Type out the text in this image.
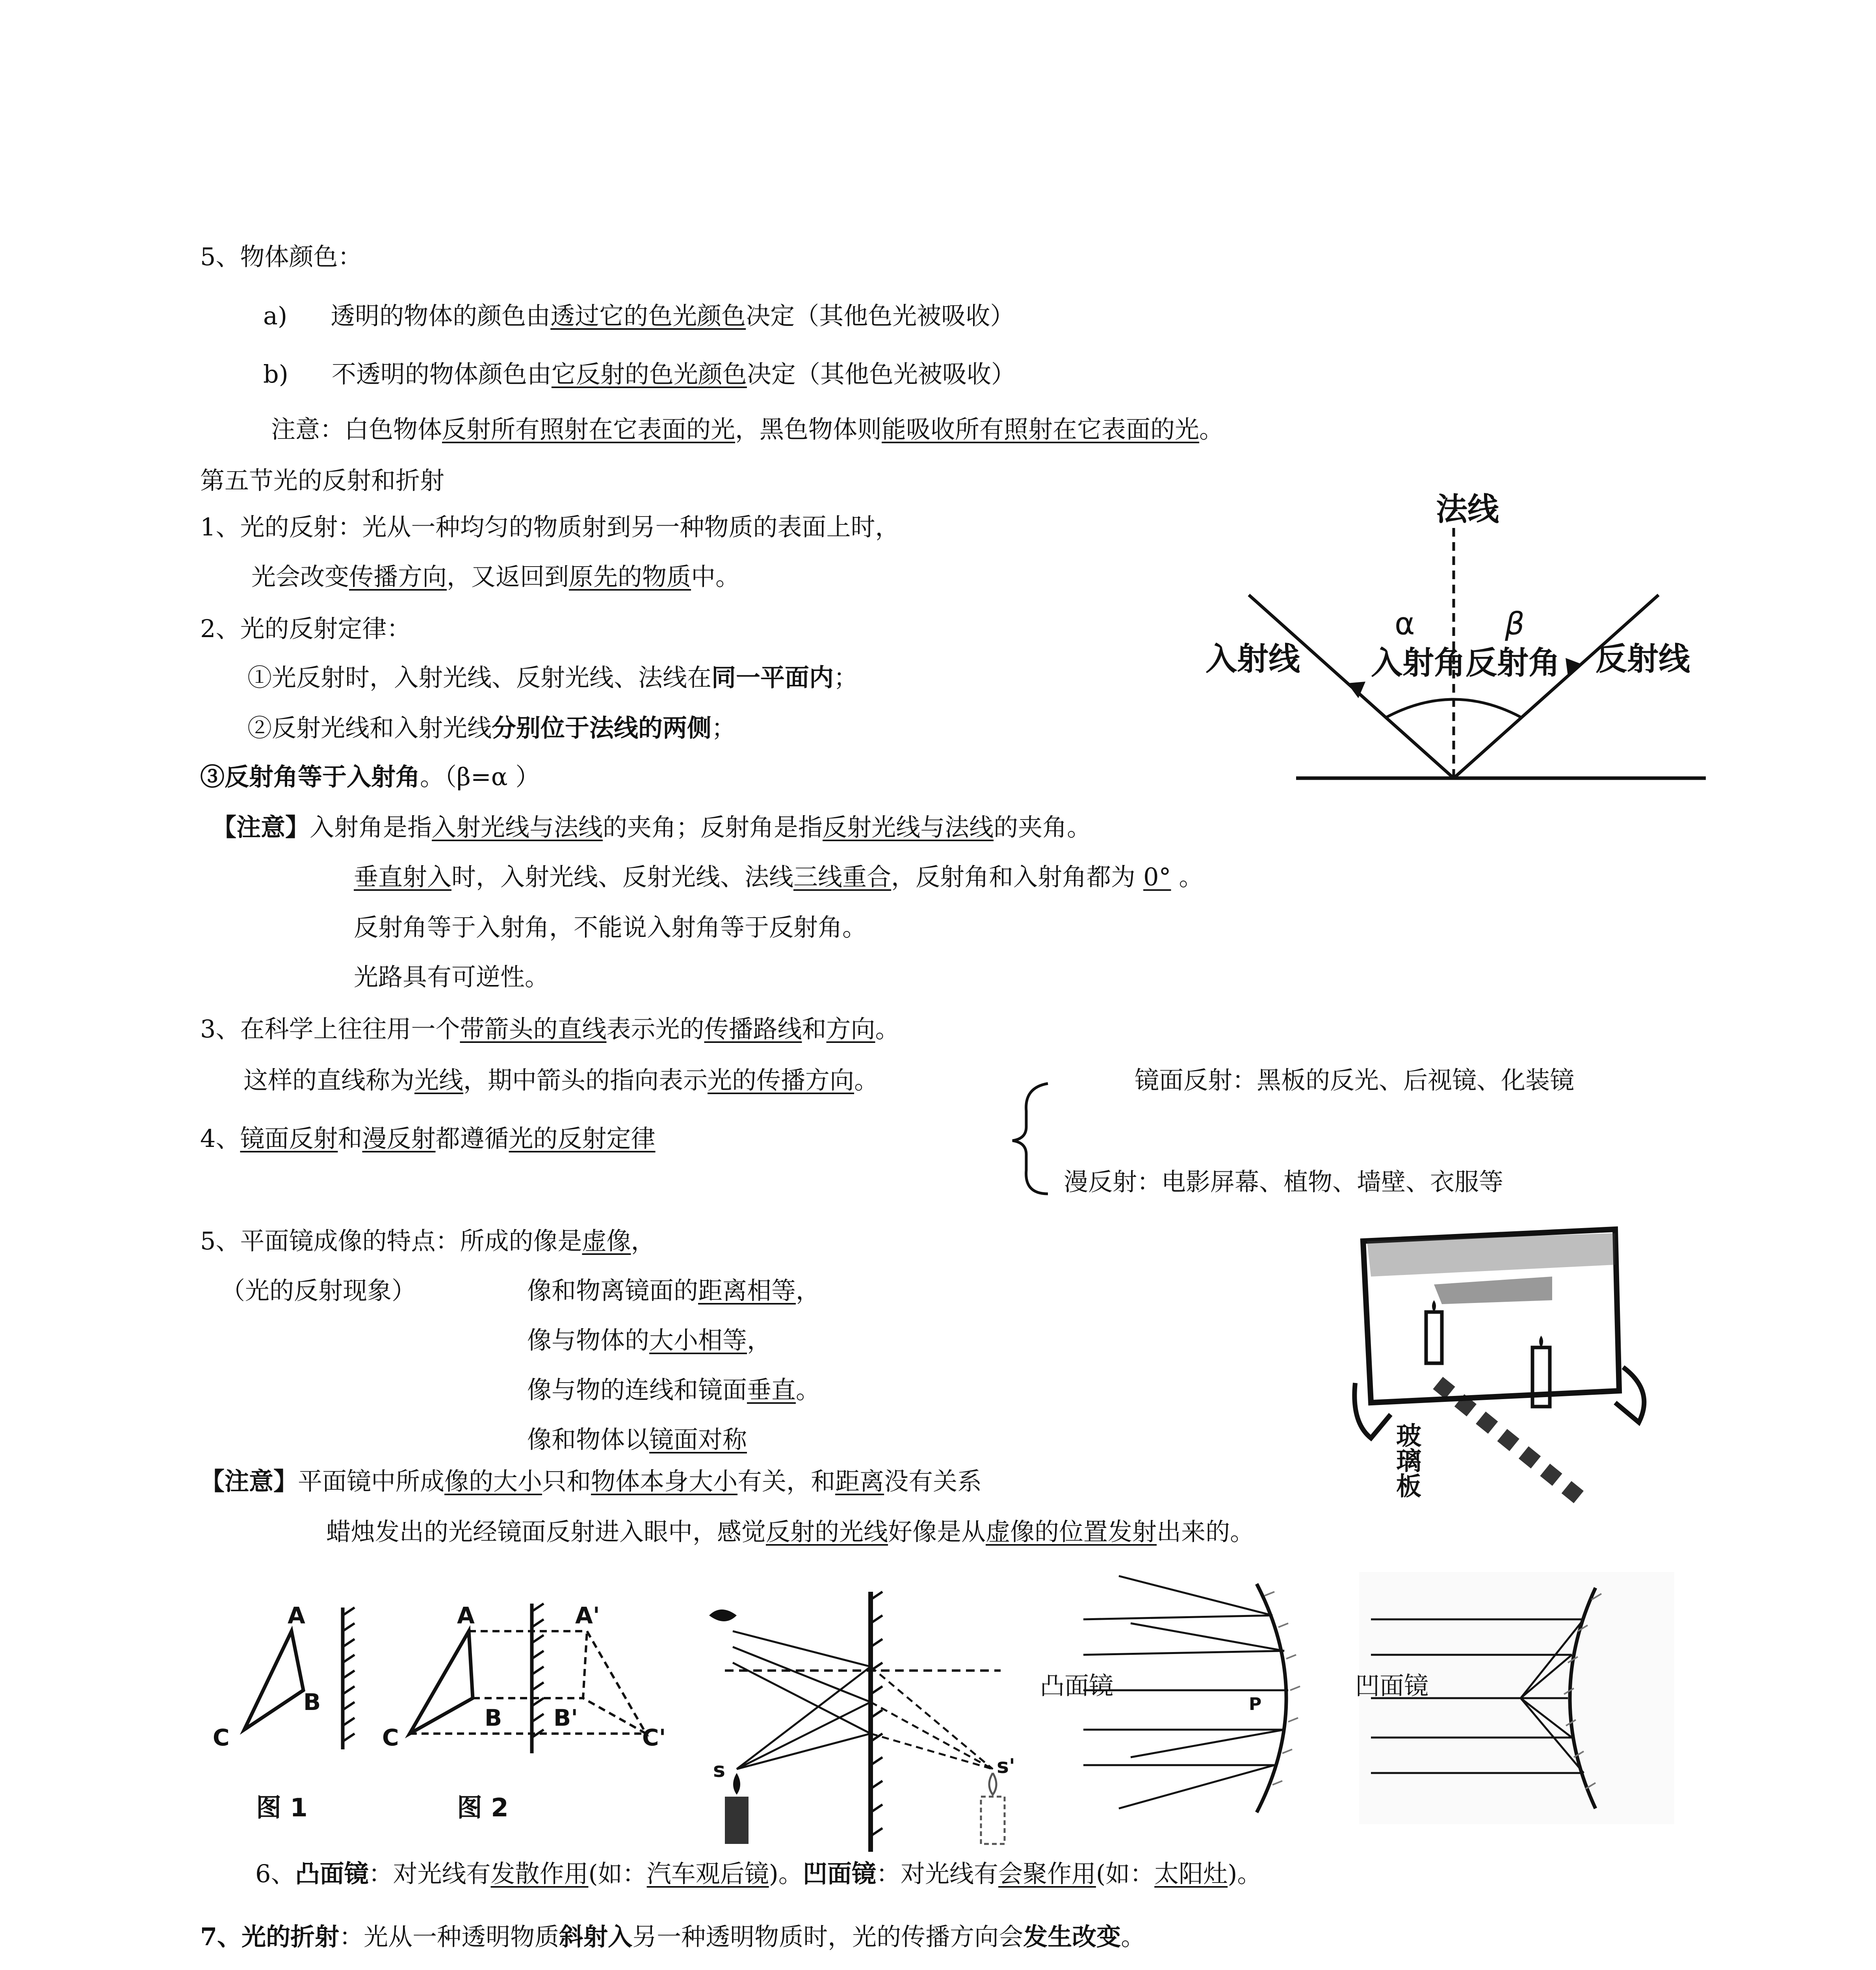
5、物体颜色：
a) 透明的物体的颜色由透过它的色光颜色决定（其他色光被吸收）
b) 不透明的物体颜色由它反射的色光颜色决定（其他色光被吸收）
注意：白色物体反射所有照射在它表面的光，黑色物体则能吸收所有照射在它表面的光。
第五节光的反射和折射
1、光的反射：光从一种均匀的物质射到另一种物质的表面上时，
光会改变传播方向，又返回到原先的物质中。
2、光的反射定律：
①光反射时，入射光线、反射光线、法线在同一平面内；
②反射光线和入射光线分别位于法线的两侧；
③反射角等于入射角。（β=α ）
【注意】入射角是指入射光线与法线的夹角；反射角是指反射光线与法线的夹角。
垂直射入时，入射光线、反射光线、法线三线重合，反射角和入射角都为 0° 。
反射角等于入射角，不能说入射角等于反射角。
光路具有可逆性。
法线
入射线 入射角 反射角 反射线
α	β
3、在科学上往往用一个带箭头的直线表示光的传播路线和方向。
这样的直线称为光线，期中箭头的指向表示光的传播方向。	镜面反射：黑板的反光、后视镜、化装镜
4、镜面反射和漫反射都遵循光的反射定律
漫反射：电影屏幕、植物、墙壁、衣服等
5、平面镜成像的特点：所成的像是虚像，
（光的反射现象）	像和物离镜面的距离相等，
像与物体的大小相等，
像与物的连线和镜面垂直。
像和物体以镜面对称
【注意】平面镜中所成像的大小只和物体本身大小有关，和距离没有关系
蜡烛发出的光经镜面反射进入眼中，感觉反射的光线好像是从虚像的位置发射出来的。
玻璃板
A
B
C
图 1
A
B
C
A'
B'
C'
图 2
s	s'
P
凸面镜	凹面镜
6、凸面镜：对光线有发散作用(如：汽车观后镜)。凹面镜：对光线有会聚作用(如：太阳灶)。
7、光的折射：光从一种透明物质斜射入另一种透明物质时，光的传播方向会发生改变。
